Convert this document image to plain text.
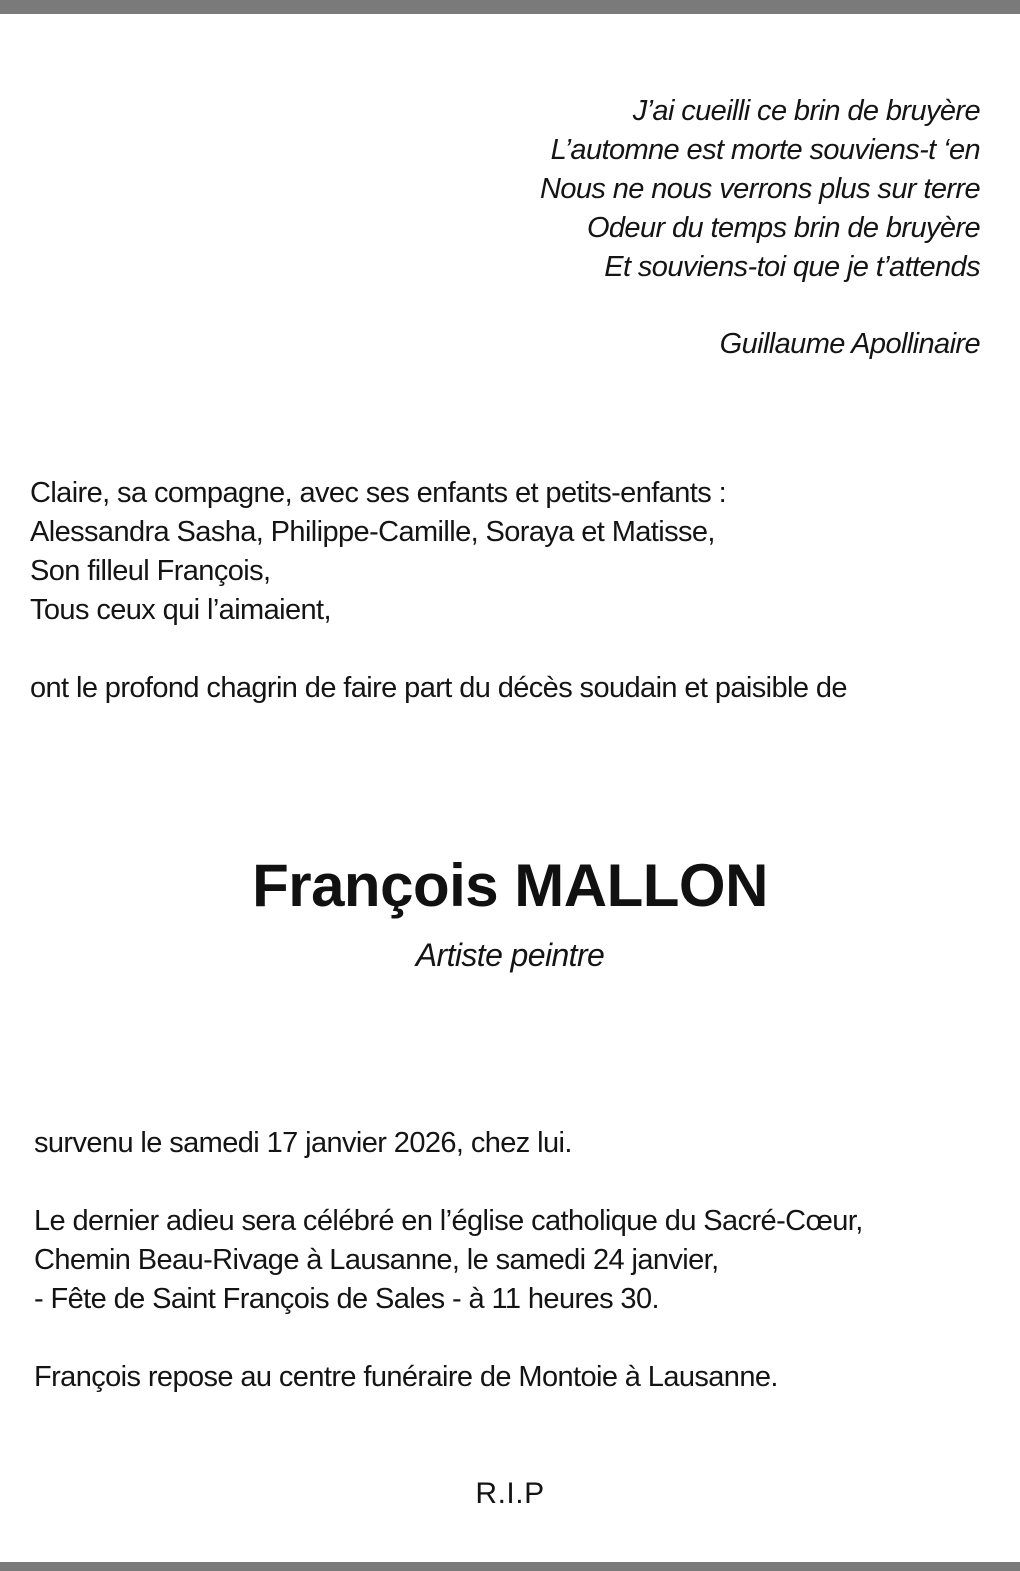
J’ai cueilli ce brin de bruyère
L’automne est morte souviens-t ‘en
Nous ne nous verrons plus sur terre
Odeur du temps brin de bruyère
Et souviens-toi que je t’attends
Guillaume Apollinaire
Claire, sa compagne, avec ses enfants et petits-enfants :
Alessandra Sasha, Philippe-Camille, Soraya et Matisse,
Son filleul François,
Tous ceux qui l’aimaient,
ont le profond chagrin de faire part du décès soudain et paisible de
François MALLON
Artiste peintre
survenu le samedi 17 janvier 2026, chez lui.
Le dernier adieu sera célébré en l’église catholique du Sacré-Cœur,
Chemin Beau-Rivage à Lausanne, le samedi 24 janvier,
- Fête de Saint François de Sales - à 11 heures 30.
François repose au centre funéraire de Montoie à Lausanne.
R.I.P
